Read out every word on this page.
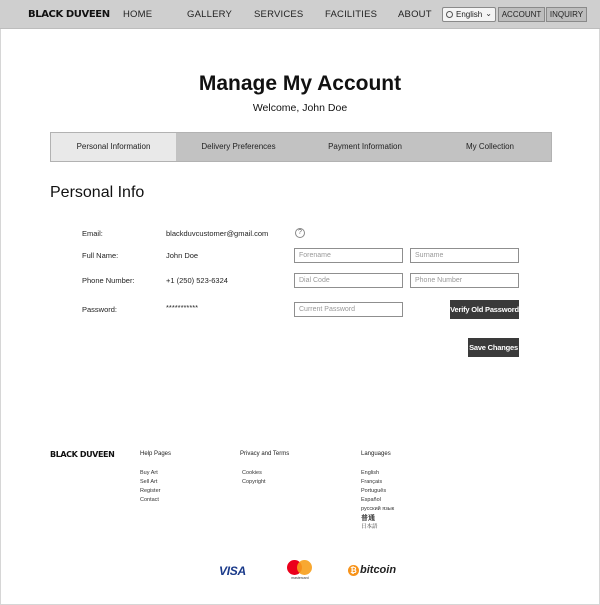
BLACK DUVEEN HOME	GALLERY SERVICES FACILITIES ABOUT	English ⌄	ACCOUNT	INQUIRY
Manage My Account
Welcome, John Doe
Personal Information	Delivery Preferences	Payment Information	My Collection
Personal Info
Email:	blackduvcustomer@gmail.com	?
Full Name:	John Doe	Forename	Surname
Phone Number:	+1 (250) 523-6324	Dial Code	Phone Number
Password:	***********	Current Password	Verify Old Password
Save Changes
BLACK DUVEEN	Help Pages
Buy Art
Sell Art
Register
Contact
Privacy and Terms
Cookies
Copyright
Languages
English
Français
Português
Español
русский язык
普通
日本語
VISA	mastercard
₿ bitcoin
